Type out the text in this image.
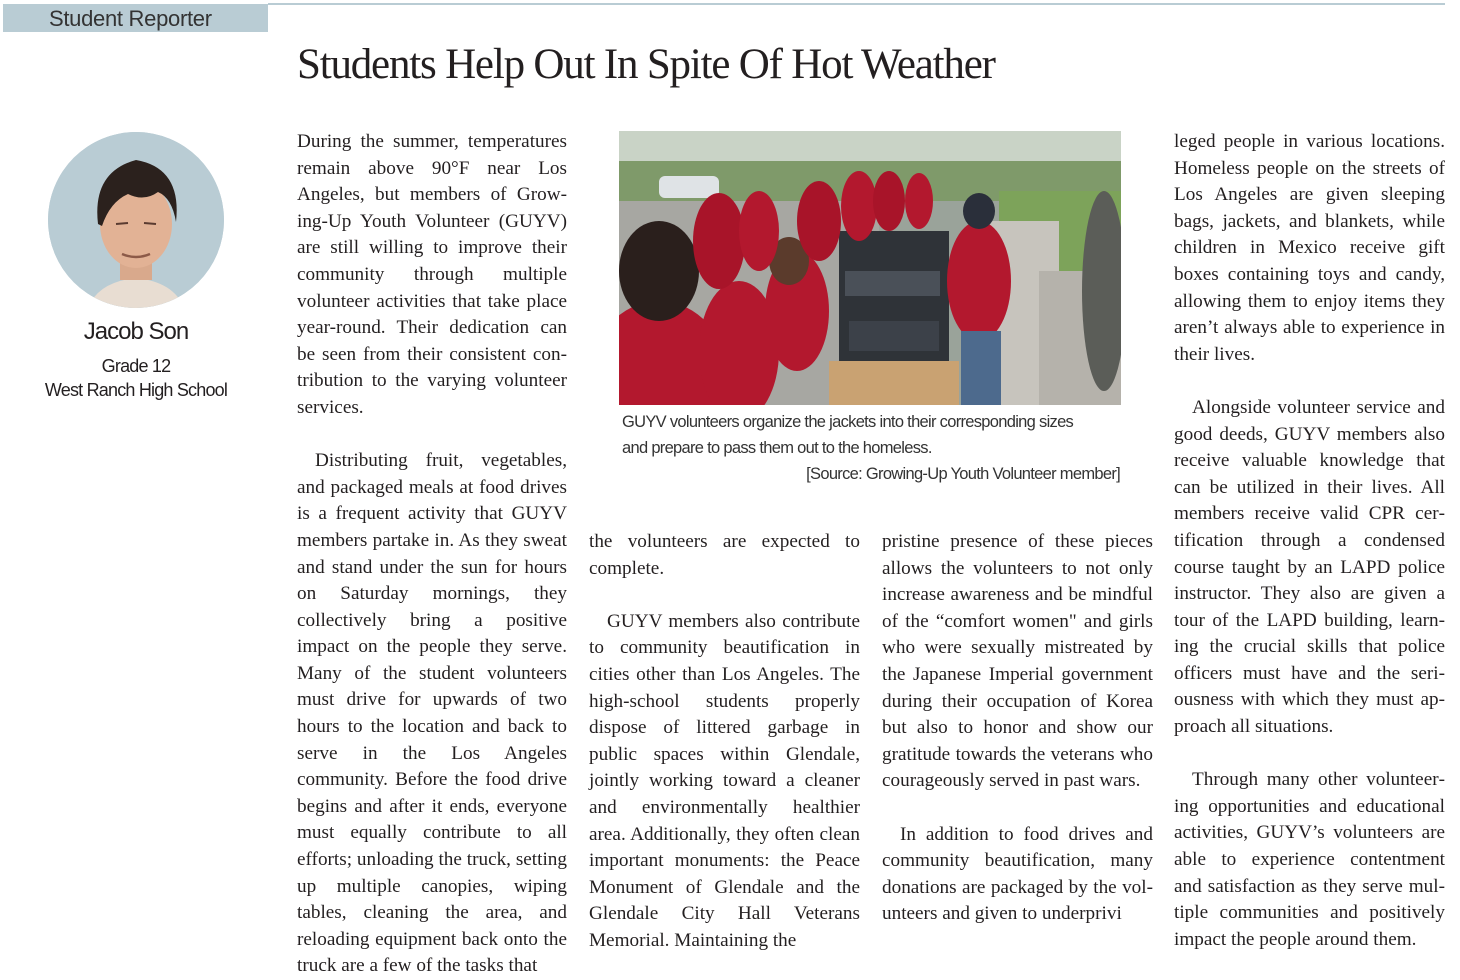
Student Reporter
Students Help Out In Spite Of Hot Weather
Jacob Son
Grade 12
West Ranch High School

During the summer, temperatures remain above 90°F near Los Angeles, but members of Growing-Up Youth Volunteer (GUYV) are still willing to improve their community through multiple volunteer activities that take place year-round. Their dedication can be seen from their consistent contribution to the varying volunteer services.

Distributing fruit, vegetables, and packaged meals at food drives is a frequent activity that GUYV members partake in. As they sweat and stand under the sun for hours on Saturday mornings, they collectively bring a positive impact on the people they serve. Many of the student volunteers must drive for upwards of two hours to the location and back to serve in the Los Angeles community. Before the food drive begins and after it ends, everyone must equally contribute to all efforts; unloading the truck, setting up multiple canopies, wiping tables, cleaning the area, and reloading equipment back onto the truck are a few of the tasks that

GUYV volunteers organize the jackets into their corresponding sizes
and prepare to pass them out to the homeless.
[Source: Growing-Up Youth Volunteer member]

the volunteers are expected to complete.

GUYV members also contribute to community beautification in cities other than Los Angeles. The high-school students properly dispose of littered garbage in public spaces within Glendale, jointly working toward a cleaner and environmentally healthier area. Additionally, they often clean important monuments: the Peace Monument of Glendale and the Glendale City Hall Veterans Memorial. Maintaining the

pristine presence of these pieces allows the volunteers to not only increase awareness and be mindful of the “comfort women" and girls who were sexually mistreated by the Japanese Imperial government during their occupation of Korea but also to honor and show our gratitude towards the veterans who courageously served in past wars.

In addition to food drives and community beautification, many donations are packaged by the volunteers and given to underprivi

leged people in various locations. Homeless people on the streets of Los Angeles are given sleeping bags, jackets, and blankets, while children in Mexico receive gift boxes containing toys and candy, allowing them to enjoy items they aren’t always able to experience in their lives.

Alongside volunteer service and good deeds, GUYV members also receive valuable knowledge that can be utilized in their lives. All members receive valid CPR certification through a condensed course taught by an LAPD police instructor. They also are given a tour of the LAPD building, learning the crucial skills that police officers must have and the seriousness with which they must approach all situations.

Through many other volunteering opportunities and educational activities, GUYV’s volunteers are able to experience contentment and satisfaction as they serve multiple communities and positively impact the people around them.
